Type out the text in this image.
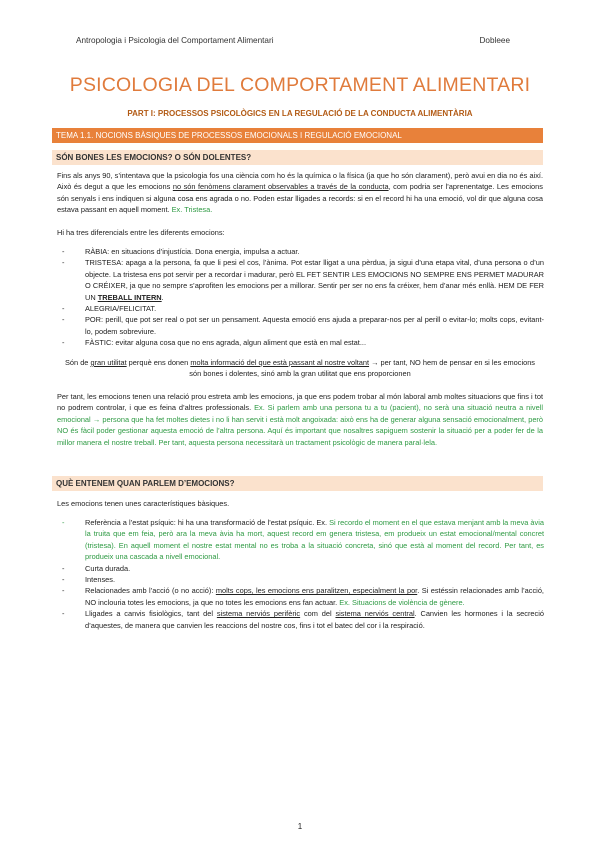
Antropologia i Psicologia del Comportament Alimentari	Dobleee
PSICOLOGIA DEL COMPORTAMENT ALIMENTARI
PART I: PROCESSOS PSICOLÒGICS EN LA REGULACIÓ DE LA CONDUCTA ALIMENTÀRIA
TEMA 1.1. NOCIONS BÀSIQUES DE PROCESSOS EMOCIONALS I REGULACIÓ EMOCIONAL
SÓN BONES LES EMOCIONS? O SÓN DOLENTES?
Fins als anys 90, s’intentava que la psicologia fos una ciència com ho és la química o la física (ja que ho són clarament), però avui en dia no és així. Això és degut a que les emocions no són fenòmens clarament observables a través de la conducta, com podria ser l’aprenentatge. Les emocions són senyals i ens indiquen si alguna cosa ens agrada o no. Poden estar lligades a records: si en el record hi ha una emoció, vol dir que alguna cosa estava passant en aquell moment. Ex. Tristesa.
Hi ha tres diferencials entre les diferents emocions:
-	RÀBIA: en situacions d’injustícia. Dona energia, impulsa a actuar.
-	TRISTESA: apaga a la persona, fa que li pesi el cos, l’ànima. Pot estar lligat a una pèrdua, ja sigui d’una etapa vital, d’una persona o d’un objecte. La tristesa ens pot servir per a recordar i madurar, però EL FET SENTIR LES EMOCIONS NO SEMPRE ENS PERMET MADURAR O CRÉIXER, ja que no sempre s’aprofiten les emocions per a millorar. Sentir per ser no ens fa créixer, hem d’anar més enllà. HEM DE FER UN TREBALL INTERN.
-	ALEGRIA/FELICITAT.
-	POR: perill, que pot ser real o pot ser un pensament. Aquesta emoció ens ajuda a preparar-nos per al perill o evitar-lo; molts cops, evitant-lo, podem sobreviure.
-	FÀSTIC: evitar alguna cosa que no ens agrada, algun aliment que està en mal estat...
Són de gran utilitat perquè ens donen molta informació del que està passant al nostre voltant → per tant, NO hem de pensar en si les emocions són bones i dolentes, sinó amb la gran utilitat que ens proporcionen
Per tant, les emocions tenen una relació prou estreta amb les emocions, ja que ens podem trobar al món laboral amb moltes situacions que fins i tot no podrem controlar, i que es feina d’altres professionals. Ex. Si parlem amb una persona tu a tu (pacient), no serà una situació neutra a nivell emocional → persona que ha fet moltes dietes i no li han servit i està molt angoixada: això ens ha de generar alguna sensació emocionalment, però NO és fàcil poder gestionar aquesta emoció de l’altra persona. Aquí és important que nosaltres sapiguem sostenir la situació per a poder fer de la millor manera el nostre treball. Per tant, aquesta persona necessitarà un tractament psicològic de manera paral·lela.
QUÈ ENTENEM QUAN PARLEM D’EMOCIONS?
Les emocions tenen unes característiques bàsiques.
-	Referència a l’estat psíquic: hi ha una transformació de l’estat psíquic. Ex. Si recordo el moment en el que estava menjant amb la meva àvia la truita que em feia, però ara la meva àvia ha mort, aquest record em genera tristesa, em produeix un estat emocional/mental concret (tristesa). En aquell moment el nostre estat mental no es troba a la situació concreta, sinó que està al moment del record. Per tant, es produeix una cascada a nivell emocional.
-	Curta durada.
-	Intenses.
-	Relacionades amb l’acció (o no acció): molts cops, les emocions ens paralitzen, especialment la por. Si estéssin relacionades amb l’acció, NO inclouria totes les emocions, ja que no totes les emocions ens fan actuar. Ex. Situacions de violència de gènere.
-	Lligades a canvis fisiològics, tant del sistema nerviós perifèric com del sistema nerviós central. Canvien les hormones i la secreció d’aquestes, de manera que canvien les reaccions del nostre cos, fins i tot el batec del cor i la respiració.
1
